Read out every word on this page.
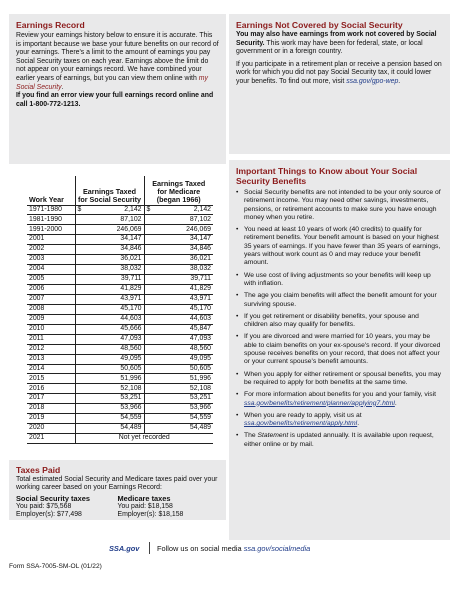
Earnings Record

Review your earnings history below to ensure it is accurate. This is important because we base your future benefits on our record of your earnings. There's a limit to the amount of earnings you pay Social Security taxes on each year. Earnings above the limit do not appear on your earnings record. We have combined your earlier years of earnings, but you can view them online with my Social Security.

If you find an error view your full earnings record online and call 1-800-772-1213.

Work Year	Earnings Taxed for Social Security	Earnings Taxed for Medicare (began 1966)
1971-1980	$ 2,142	$ 2,142
1981-1990	87,102	87,102
1991-2000	246,069	246,069
2001	34,147	34,147
2002	34,846	34,846
2003	36,021	36,021
2004	38,032	38,032
2005	39,711	39,711
2006	41,829	41,829
2007	43,971	43,971
2008	45,170	45,170
2009	44,603	44,603
2010	45,666	45,847
2011	47,093	47,093
2012	48,560	48,560
2013	49,095	49,095
2014	50,605	50,605
2015	51,996	51,996
2016	52,108	52,108
2017	53,251	53,251
2018	53,966	53,966
2019	54,559	54,559
2020	54,489	54,489
2021	Not yet recorded	
Taxes Paid

Total estimated Social Security and Medicare taxes paid over your working career based on your Earnings Record:

Social Security taxes
You paid: $75,568
Employer(s): $77,498
Medicare taxes
You paid: $18,158
Employer(s): $18,158
Earnings Not Covered by Social Security

You may also have earnings from work not covered by Social Security. This work may have been for federal, state, or local government or in a foreign country.

If you participate in a retirement plan or receive a pension based on work for which you did not pay Social Security tax, it could lower your benefits. To find out more, visit ssa.gov/gpo-wep.

Important Things to Know about Your Social Security Benefits
• Social Security benefits are not intended to be your only source of retirement income. You may need other savings, investments, pensions, or retirement accounts to make sure you have enough money when you retire.
• You need at least 10 years of work (40 credits) to qualify for retirement benefits. Your benefit amount is based on your highest 35 years of earnings. If you have fewer than 35 years of earnings, years without work count as 0 and may reduce your benefit amount.
• We use cost of living adjustments so your benefits will keep up with inflation.
• The age you claim benefits will affect the benefit amount for your surviving spouse.
• If you get retirement or disability benefits, your spouse and children also may qualify for benefits.
• If you are divorced and were married for 10 years, you may be able to claim benefits on your ex-spouse's record. If your divorced spouse receives benefits on your record, that does not affect your or your current spouse's benefit amounts.
• When you apply for either retirement or spousal benefits, you may be required to apply for both benefits at the same time.
• For more information about benefits for you and your family, visit ssa.gov/benefits/retirement/planner/applying7.html.
• When you are ready to apply, visit us at ssa.gov/benefits/retirement/apply.html.
• The Statement is updated annually. It is available upon request, either online or by mail.
SSA.gov Follow us on social media ssa.gov/socialmedia
Form SSA-7005-SM-OL (01/22)
